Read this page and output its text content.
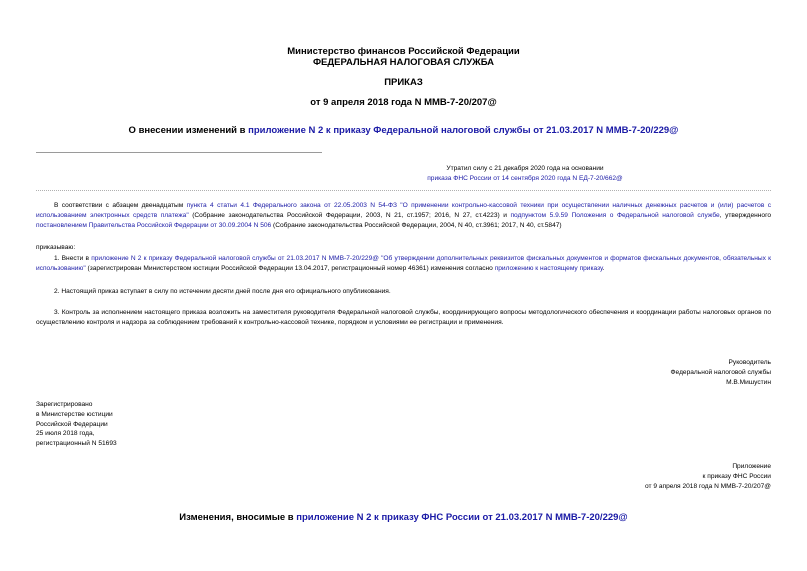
Министерство финансов Российской Федерации
ФЕДЕРАЛЬНАЯ НАЛОГОВАЯ СЛУЖБА
ПРИКАЗ
от 9 апреля 2018 года N ММВ-7-20/207@
О внесении изменений в приложение N 2 к приказу Федеральной налоговой службы от 21.03.2017 N ММВ-7-20/229@
Утратил силу с 21 декабря 2020 года на основании
приказа ФНС России от 14 сентября 2020 года N ЕД-7-20/662@
В соответствии с абзацем двенадцатым пункта 4 статьи 4.1 Федерального закона от 22.05.2003 N 54-ФЗ "О применении контрольно-кассовой техники при осуществлении наличных денежных расчетов и (или) расчетов с использованием электронных средств платежа" (Собрание законодательства Российской Федерации, 2003, N 21, ст.1957; 2016, N 27, ст.4223) и подпунктом 5.9.59 Положения о Федеральной налоговой службе, утвержденного постановлением Правительства Российской Федерации от 30.09.2004 N 506 (Собрание законодательства Российской Федерации, 2004, N 40, ст.3961; 2017, N 40, ст.5847)
приказываю:
1. Внести в приложение N 2 к приказу Федеральной налоговой службы от 21.03.2017 N ММВ-7-20/229@ "Об утверждении дополнительных реквизитов фискальных документов и форматов фискальных документов, обязательных к использованию" (зарегистрирован Министерством юстиции Российской Федерации 13.04.2017, регистрационный номер 46361) изменения согласно приложению к настоящему приказу.
2. Настоящий приказ вступает в силу по истечении десяти дней после дня его официального опубликования.
3. Контроль за исполнением настоящего приказа возложить на заместителя руководителя Федеральной налоговой службы, координирующего вопросы методологического обеспечения и координации работы налоговых органов по осуществлению контроля и надзора за соблюдением требований к контрольно-кассовой технике, порядком и условиями ее регистрации и применения.
Руководитель
Федеральной налоговой службы
М.В.Мишустин
Зарегистрировано
в Министерстве юстиции
Российской Федерации
25 июля 2018 года,
регистрационный N 51693
Приложение
к приказу ФНС России
от 9 апреля 2018 года N ММВ-7-20/207@
Изменения, вносимые в приложение N 2 к приказу ФНС России от 21.03.2017 N ММВ-7-20/229@
